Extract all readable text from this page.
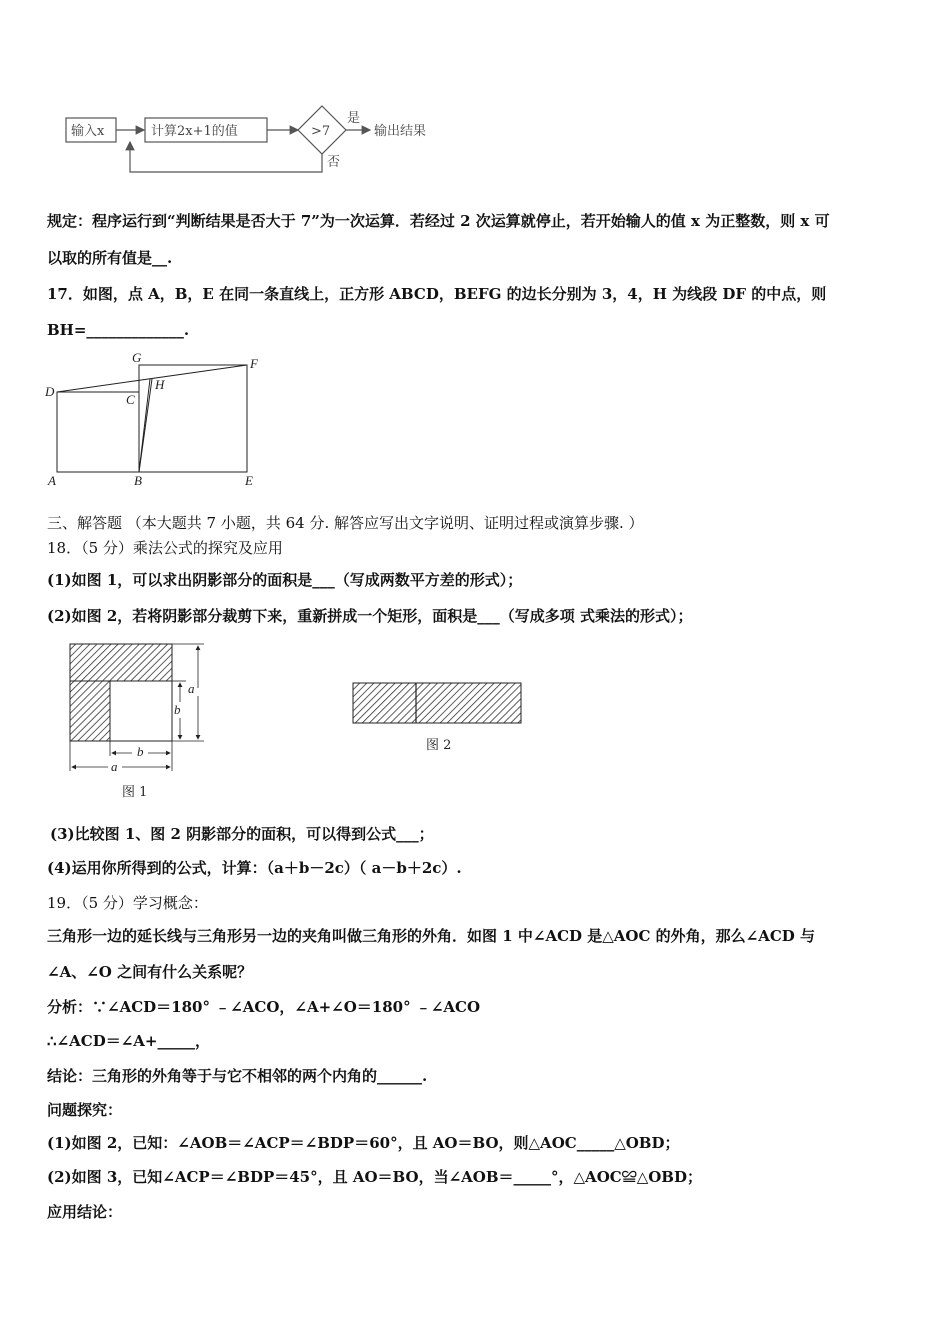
输入x	计算2x+1的值	>7
是
输出结果
否
规定：程序运行到“判断结果是否大于 7”为一次运算．若经过 2 次运算就停止，若开始输人的值 x 为正整数，则 x 可
以取的所有值是__.
17．如图，点 A，B，E 在同一条直线上，正方形 ABCD，BEFG 的边长分别为 3，4，H 为线段 DF 的中点，则
BH=_____________.
G	F
D
C
H
A	B	E
三、解答题 （本大题共 7 小题，共 64 分. 解答应写出文字说明、证明过程或演算步骤. ）
18．（5 分）乘法公式的探究及应用
(1)如图 1，可以求出阴影部分的面积是___（写成两数平方差的形式）；
(2)如图 2，若将阴影部分裁剪下来，重新拼成一个矩形，面积是___（写成多项 式乘法的形式）；
a
b
b
a
图 1
图 2
(3)比较图 1、图 2 阴影部分的面积，可以得到公式___；
(4)运用你所得到的公式，计算：（a＋b－2c）（ a－b＋2c）.
19．（5 分）学习概念：
三角形一边的延长线与三角形另一边的夹角叫做三角形的外角．如图 1 中∠ACD 是△AOC 的外角，那么∠ACD 与
∠A、∠O 之间有什么关系呢？
分析：∵∠ACD＝180° ﹣∠ACO，∠A+∠O＝180° ﹣∠ACO
∴∠ACD＝∠A+_____，
结论：三角形的外角等于与它不相邻的两个内角的______.
问题探究：
(1)如图 2，已知：∠AOB＝∠ACP＝∠BDP＝60°，且 AO＝BO，则△AOC_____△OBD；
(2)如图 3，已知∠ACP＝∠BDP＝45°，且 AO＝BO，当∠AOB＝_____°，△AOC≌△OBD；
应用结论：
